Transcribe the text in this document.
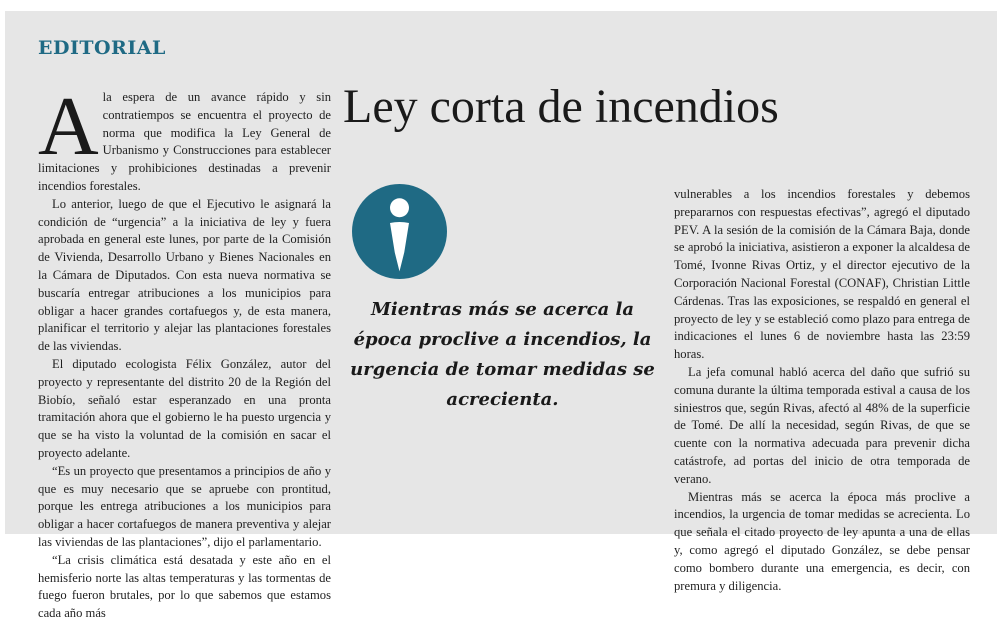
EDITORIAL
Ley corta de incendios

Ala espera de un avance rápido y sin contratiempos se encuentra el proyecto de norma que modifica la Ley General de Urbanismo y Construcciones para establecer limitaciones y prohibiciones destinadas a prevenir incendios forestales.

Lo anterior, luego de que el Ejecutivo le asignará la condición de “urgencia” a la iniciativa de ley y fuera aprobada en general este lunes, por parte de la Comisión de Vivienda, Desarrollo Urbano y Bienes Nacionales en la Cámara de Diputados. Con esta nueva normativa se buscaría entregar atribuciones a los municipios para obligar a hacer grandes cortafuegos y, de esta manera, planificar el territorio y alejar las plantaciones forestales de las viviendas.

El diputado ecologista Félix González, autor del proyecto y representante del distrito 20 de la Región del Biobío, señaló estar esperanzado en una pronta tramitación ahora que el gobierno le ha puesto urgencia y que se ha visto la voluntad de la comisión en sacar el proyecto adelante.

“Es un proyecto que presentamos a principios de año y que es muy necesario que se apruebe con prontitud, porque les entrega atribuciones a los municipios para obligar a hacer cortafuegos de manera preventiva y alejar las viviendas de las plantaciones”, dijo el parlamentario.

“La crisis climática está desatada y este año en el hemisferio norte las altas temperaturas y las tormentas de fuego fueron brutales, por lo que sabemos que estamos cada año más

Mientras más se acerca la época proclive a incendios, la urgencia de tomar medidas se acrecienta.

vulnerables a los incendios forestales y debemos prepararnos con respuestas efectivas”, agregó el diputado PEV. A la sesión de la comisión de la Cámara Baja, donde se aprobó la iniciativa, asistieron a exponer la alcaldesa de Tomé, Ivonne Rivas Ortiz, y el director ejecutivo de la Corporación Nacional Forestal (CONAF), Christian Little Cárdenas. Tras las exposiciones, se respaldó en general el proyecto de ley y se estableció como plazo para entrega de indicaciones el lunes 6 de noviembre hasta las 23:59 horas.

La jefa comunal habló acerca del daño que sufrió su comuna durante la última temporada estival a causa de los siniestros que, según Rivas, afectó al 48% de la superficie de Tomé. De allí la necesidad, según Rivas, de que se cuente con la normativa adecuada para prevenir dicha catástrofe, ad portas del inicio de otra temporada de verano.

Mientras más se acerca la época más proclive a incendios, la urgencia de tomar medidas se acrecienta. Lo que señala el citado proyecto de ley apunta a una de ellas y, como agregó el diputado González, se debe pensar como bombero durante una emergencia, es decir, con premura y diligencia.
